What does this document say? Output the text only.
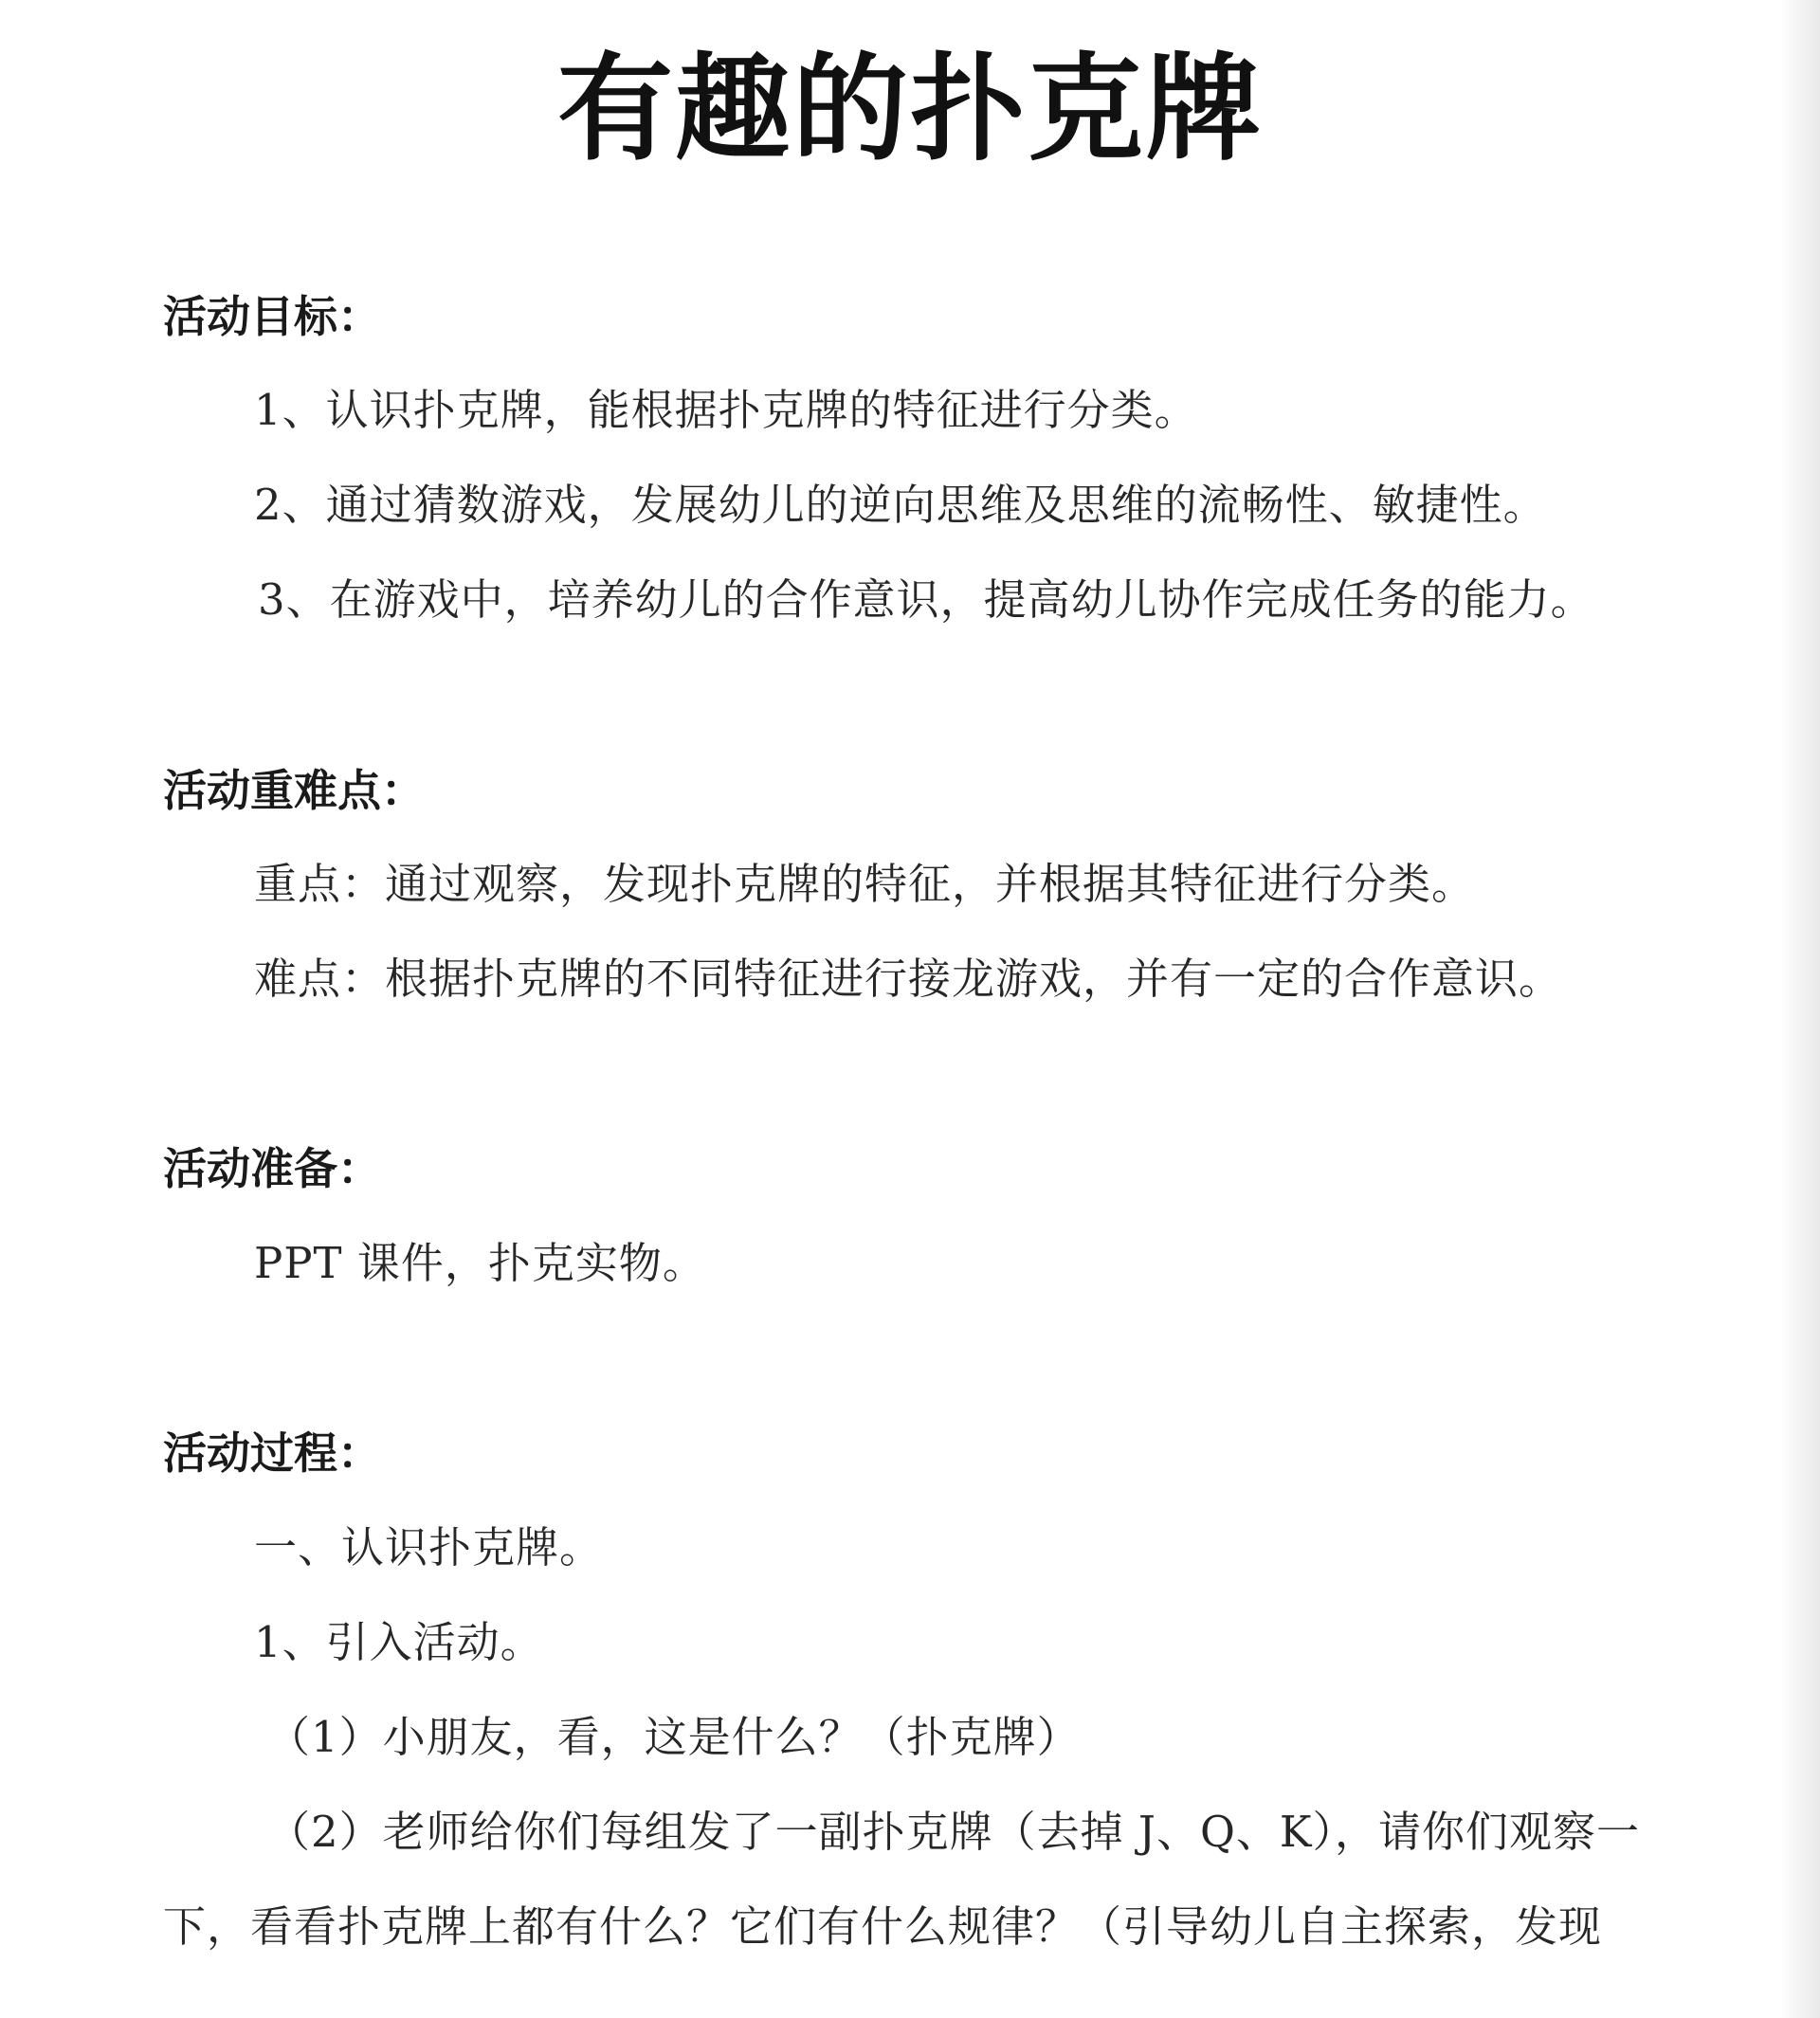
有趣的扑克牌
活动目标：
1、认识扑克牌，能根据扑克牌的特征进行分类。
2、通过猜数游戏，发展幼儿的逆向思维及思维的流畅性、敏捷性。
3、在游戏中，培养幼儿的合作意识，提高幼儿协作完成任务的能力。
活动重难点：
重点：通过观察，发现扑克牌的特征，并根据其特征进行分类。
难点：根据扑克牌的不同特征进行接龙游戏，并有一定的合作意识。
活动准备：
PPT 课件，扑克实物。
活动过程：
一、认识扑克牌。
1、引入活动。
（1）小朋友，看，这是什么？（扑克牌）
（2）老师给你们每组发了一副扑克牌（去掉 J、Q、K），请你们观察一
下，看看扑克牌上都有什么？它们有什么规律？（引导幼儿自主探索，发现
